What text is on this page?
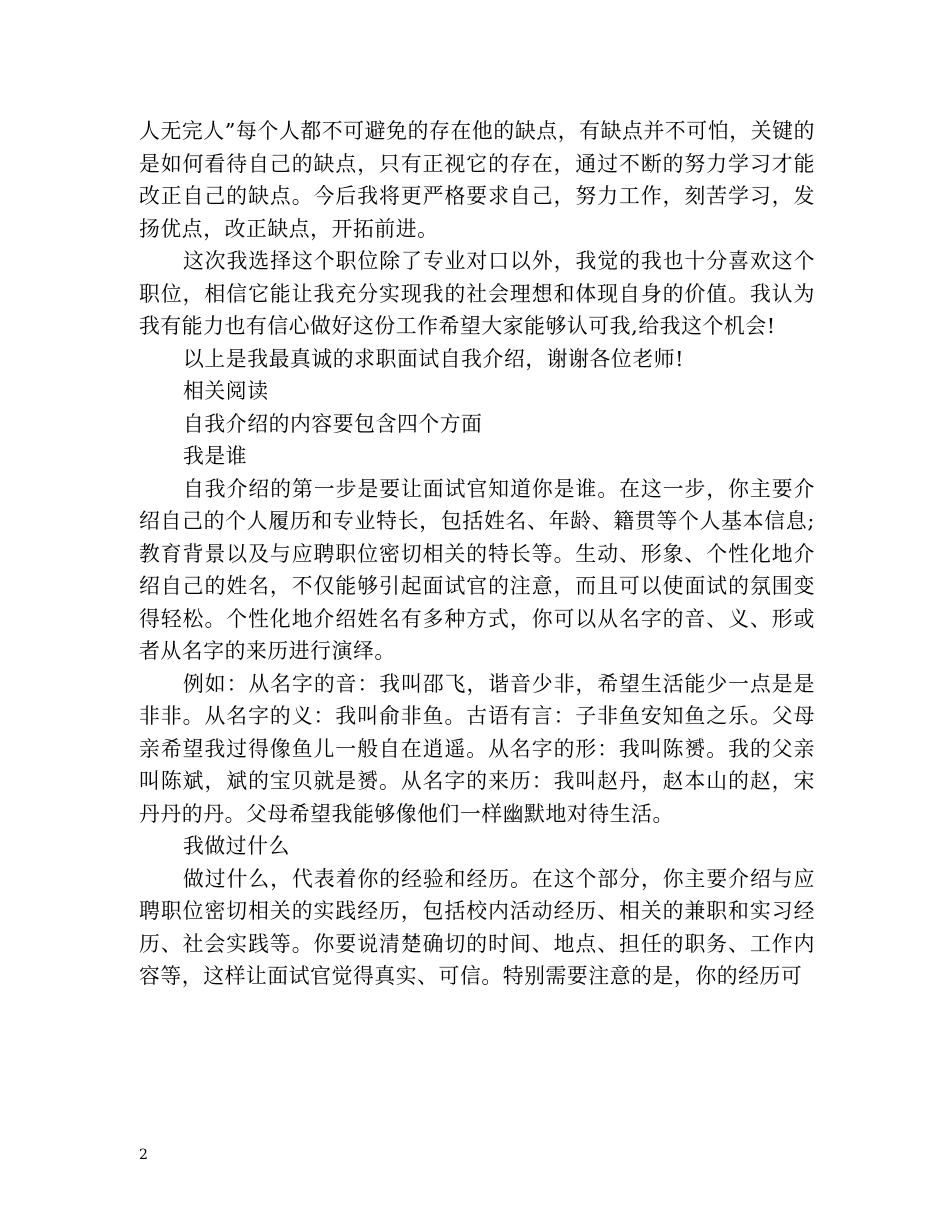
人无完人”每个人都不可避免的存在他的缺点，有缺点并不可怕，关键的是如何看待自己的缺点，只有正视它的存在，通过不断的努力学习才能改正自己的缺点。今后我将更严格要求自己，努力工作，刻苦学习，发扬优点，改正缺点，开拓前进。

这次我选择这个职位除了专业对口以外，我觉的我也十分喜欢这个职位，相信它能让我充分实现我的社会理想和体现自身的价值。我认为我有能力也有信心做好这份工作希望大家能够认可我,给我这个机会!

以上是我最真诚的求职面试自我介绍，谢谢各位老师!

相关阅读

自我介绍的内容要包含四个方面

我是谁

自我介绍的第一步是要让面试官知道你是谁。在这一步，你主要介绍自己的个人履历和专业特长，包括姓名、年龄、籍贯等个人基本信息;教育背景以及与应聘职位密切相关的特长等。生动、形象、个性化地介绍自己的姓名，不仅能够引起面试官的注意，而且可以使面试的氛围变得轻松。个性化地介绍姓名有多种方式，你可以从名字的音、义、形或者从名字的来历进行演绎。

例如：从名字的音：我叫邵飞，谐音少非，希望生活能少一点是是非非。从名字的义：我叫俞非鱼。古语有言：子非鱼安知鱼之乐。父母亲希望我过得像鱼儿一般自在逍遥。从名字的形：我叫陈赟。我的父亲叫陈斌，斌的宝贝就是赟。从名字的来历：我叫赵丹，赵本山的赵，宋丹丹的丹。父母希望我能够像他们一样幽默地对待生活。

我做过什么

做过什么，代表着你的经验和经历。在这个部分，你主要介绍与应聘职位密切相关的实践经历，包括校内活动经历、相关的兼职和实习经历、社会实践等。你要说清楚确切的时间、地点、担任的职务、工作内容等，这样让面试官觉得真实、可信。特别需要注意的是，你的经历可

2
